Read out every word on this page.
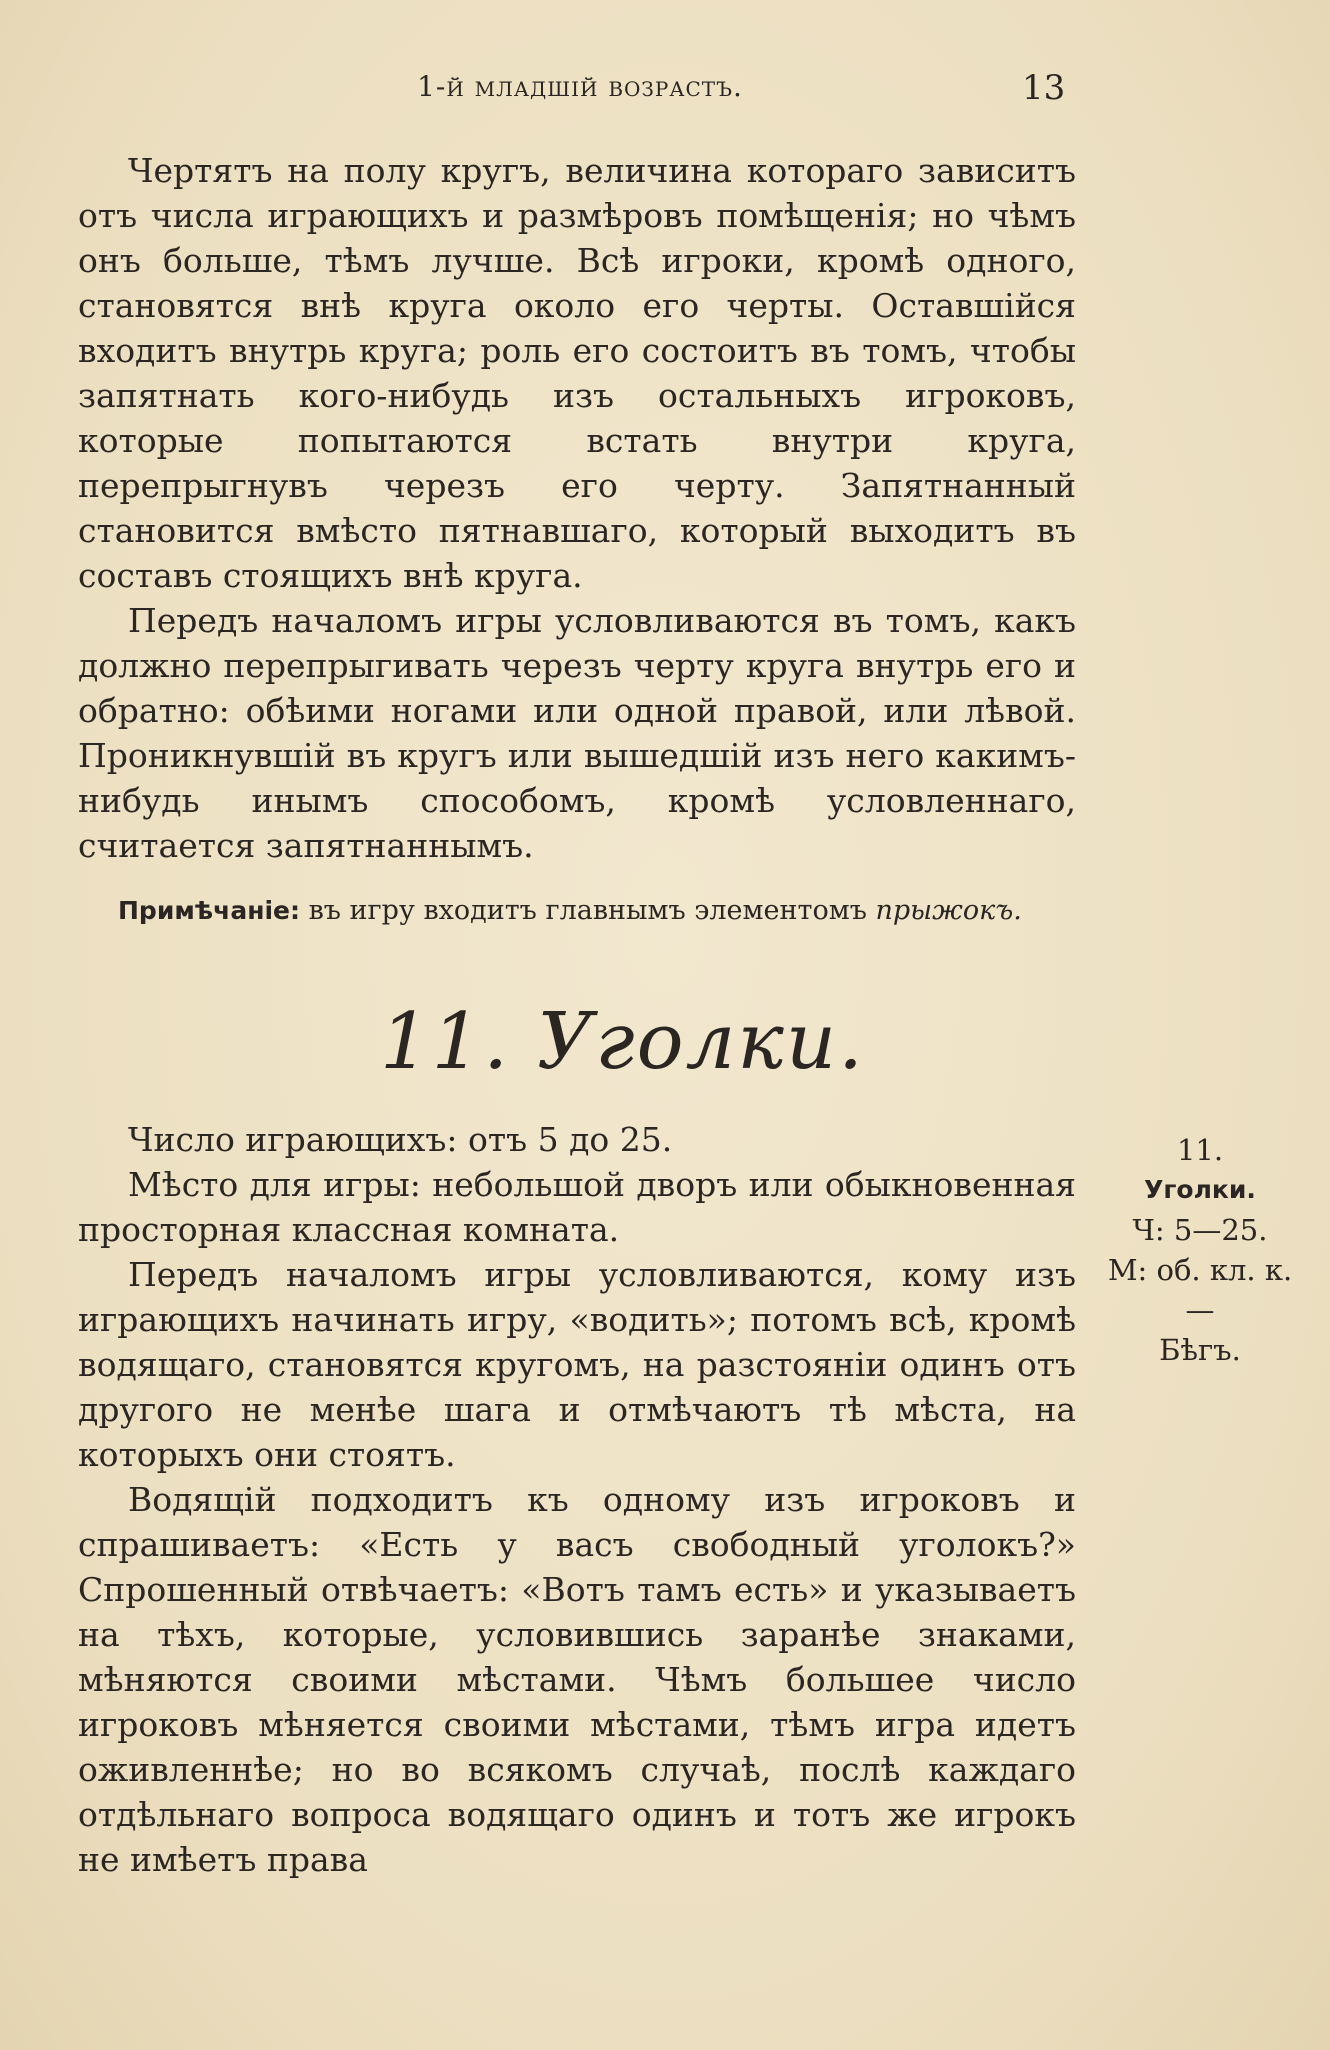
1-й младшій возрастъ.	13

Чертятъ на полу кругъ, величина котораго зависитъ отъ числа играющихъ и размѣровъ помѣщенія; но чѣмъ онъ больше, тѣмъ лучше. Всѣ игроки, кромѣ одного, становятся внѣ круга около его черты. Оставшійся входитъ внутрь круга; роль его состоитъ въ томъ, чтобы запятнать кого-нибудь изъ остальныхъ игроковъ, которые попытаются встать внутри круга, перепрыгнувъ черезъ его черту. Запятнанный становится вмѣсто пятнавшаго, который выходитъ въ составъ стоящихъ внѣ круга.

Передъ началомъ игры условливаются въ томъ, какъ должно перепрыгивать черезъ черту круга внутрь его и обратно: обѣими ногами или одной правой, или лѣвой. Проникнувшій въ кругъ или вышедшій изъ него какимъ-нибудь инымъ способомъ, кромѣ условленнаго, считается запятнаннымъ.

Примѣчаніе: въ игру входитъ главнымъ элементомъ прыжокъ.
11. Уголки.

Число играющихъ: отъ 5 до 25.

Мѣсто для игры: небольшой дворъ или обыкновенная просторная классная комната.

Передъ началомъ игры условливаются, кому изъ играющихъ начинать игру, «водить»; потомъ всѣ, кромѣ водящаго, становятся кругомъ, на разстояніи одинъ отъ другого не менѣе шага и отмѣчаютъ тѣ мѣста, на которыхъ они стоятъ.

Водящій подходитъ къ одному изъ игроковъ и спрашиваетъ: «Есть у васъ свободный уголокъ?» Спрошенный отвѣчаетъ: «Вотъ тамъ есть» и указываетъ на тѣхъ, которые, условившись заранѣе знаками, мѣняются своими мѣстами. Чѣмъ большее число игроковъ мѣняется своими мѣстами, тѣмъ игра идетъ оживленнѣе; но во всякомъ случаѣ, послѣ каждаго отдѣльнаго вопроса водящаго одинъ и тотъ же игрокъ не имѣетъ права

11.
Уголки.
Ч: 5—25.
М: об. кл. к.
—
Бѣгъ.
